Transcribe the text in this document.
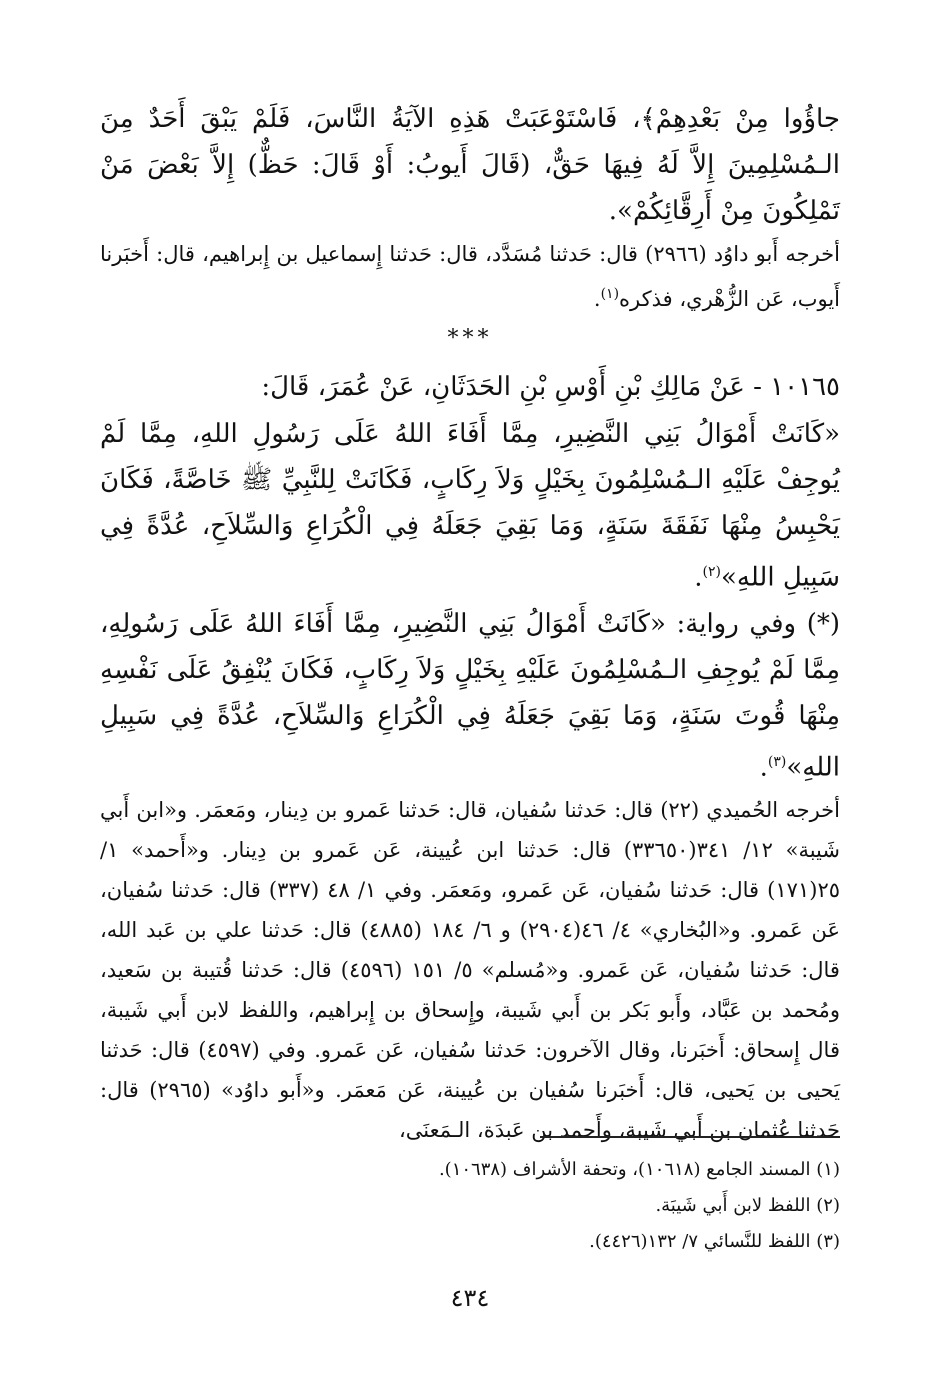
جاؤُوا مِنْ بَعْدِهِمْ﴾، فَاسْتَوْعَبَتْ هَذِهِ الآيَةُ النَّاسَ، فَلَمْ يَبْقَ أَحَدٌ مِنَ الـمُسْلِمِينَ إِلاَّ لَهُ فِيهَا حَقٌّ، (قَالَ أَيوبُ: أَوْ قَالَ: حَظٌّ) إِلاَّ بَعْضَ مَنْ تَمْلِكُونَ مِنْ أَرِقَّائِكُمْ».

أخرجه أَبو داوُد (٢٩٦٦) قال: حَدثنا مُسَدَّد، قال: حَدثنا إِسماعيل بن إِبراهيم، قال: أَخبَرنا أَيوب، عَن الزُّهْري، فذكره$^{(١)}$.

***

١٠١٦٥ - عَنْ مَالِكِ بْنِ أَوْسِ بْنِ الحَدَثَانِ، عَنْ عُمَرَ، قَالَ:

«كَانَتْ أَمْوَالُ بَنِي النَّضِيرِ، مِمَّا أَفَاءَ اللهُ عَلَى رَسُولِ اللهِ، مِمَّا لَمْ يُوجِفْ عَلَيْهِ الـمُسْلِمُونَ بِخَيْلٍ وَلاَ رِكَابٍ، فَكَانَتْ لِلنَّبِيِّ ﷺ خَاصَّةً، فَكَانَ يَحْبِسُ مِنْهَا نَفَقَةَ سَنَةٍ، وَمَا بَقِيَ جَعَلَهُ فِي الْكُرَاعِ وَالسِّلاَحِ، عُدَّةً فِي سَبِيلِ اللهِ»$^{(٢)}$.

(*) وفي رواية: «كَانَتْ أَمْوَالُ بَنِي النَّضِيرِ، مِمَّا أَفَاءَ اللهُ عَلَى رَسُولِهِ، مِمَّا لَمْ يُوجِفِ الـمُسْلِمُونَ عَلَيْهِ بِخَيْلٍ وَلاَ رِكَابٍ، فَكَانَ يُنْفِقُ عَلَى نَفْسِهِ مِنْهَا قُوتَ سَنَةٍ، وَمَا بَقِيَ جَعَلَهُ فِي الْكُرَاعِ وَالسِّلاَحِ، عُدَّةً فِي سَبِيلِ اللهِ»$^{(٣)}$.

أخرجه الحُميدي (٢٢) قال: حَدثنا سُفيان، قال: حَدثنا عَمرو بن دِينار، ومَعمَر. و«ابن أَبي شَيبة» ١٢/ ٣٤١(٣٣٦٥٠) قال: حَدثنا ابن عُيينة، عَن عَمرو بن دِينار. و«أَحمد» ١/ ٢٥(١٧١) قال: حَدثنا سُفيان، عَن عَمرو، ومَعمَر. وفي ١/ ٤٨ (٣٣٧) قال: حَدثنا سُفيان، عَن عَمرو. و«البُخاري» ٤/ ٤٦(٢٩٠٤) و ٦/ ١٨٤ (٤٨٨٥) قال: حَدثنا علي بن عَبد الله، قال: حَدثنا سُفيان، عَن عَمرو. و«مُسلم» ٥/ ١٥١ (٤٥٩٦) قال: حَدثنا قُتيبة بن سَعيد، ومُحمد بن عَبَّاد، وأَبو بَكر بن أَبي شَيبة، وإِسحاق بن إِبراهيم، واللفظ لابن أَبي شَيبة، قال إِسحاق: أَخبَرنا، وقال الآخرون: حَدثنا سُفيان، عَن عَمرو. وفي (٤٥٩٧) قال: حَدثنا يَحيى بن يَحيى، قال: أَخبَرنا سُفيان بن عُيينة، عَن مَعمَر. و«أَبو داوُد» (٢٩٦٥) قال: حَدثنا عُثمان بن أَبي شَيبة، وأَحمد بن عَبدَة، الـمَعنَى،

(١) المسند الجامع (١٠٦١٨)، وتحفة الأشراف (١٠٦٣٨).
(٢) اللفظ لابن أَبي شَيبَة.
(٣) اللفظ للنَّسائي ٧/ ١٣٢(٤٤٢٦).
٤٣٤
